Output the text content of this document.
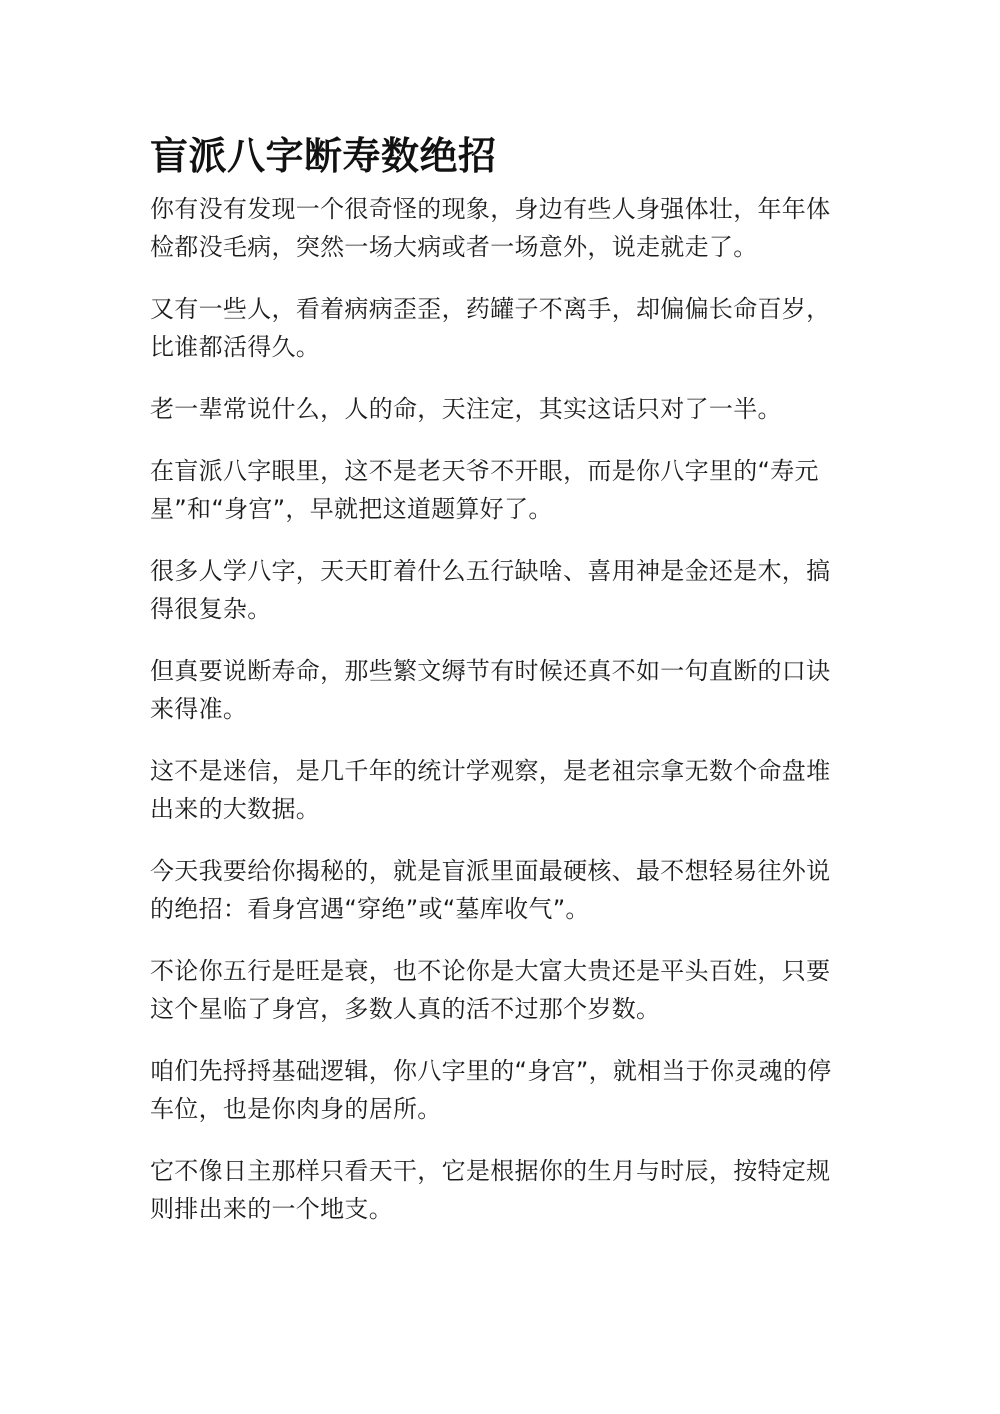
盲派八字断寿数绝招

你有没有发现一个很奇怪的现象，身边有些人身强体壮，年年体检都没毛病，突然一场大病或者一场意外，说走就走了。

又有一些人，看着病病歪歪，药罐子不离手，却偏偏长命百岁，比谁都活得久。

老一辈常说什么，人的命，天注定，其实这话只对了一半。

在盲派八字眼里，这不是老天爷不开眼，而是你八字里的“寿元星”和“身宫”，早就把这道题算好了。

很多人学八字，天天盯着什么五行缺啥、喜用神是金还是木，搞得很复杂。

但真要说断寿命，那些繁文缛节有时候还真不如一句直断的口诀来得准。

这不是迷信，是几千年的统计学观察，是老祖宗拿无数个命盘堆出来的大数据。

今天我要给你揭秘的，就是盲派里面最硬核、最不想轻易往外说的绝招：看身宫遇“穿绝”或“墓库收气”。

不论你五行是旺是衰，也不论你是大富大贵还是平头百姓，只要这个星临了身宫，多数人真的活不过那个岁数。

咱们先捋捋基础逻辑，你八字里的“身宫”，就相当于你灵魂的停车位，也是你肉身的居所。

它不像日主那样只看天干，它是根据你的生月与时辰，按特定规则排出来的一个地支。
